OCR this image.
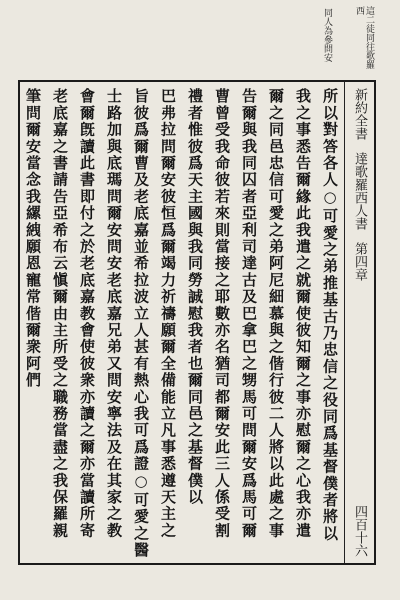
這二徒同往歌羅西
同人為參問安
新約全書達歌羅西人書第四章
四百十六
所以對答各人○可愛之弟推基古乃忠信之役同爲基督僕者將以
我之事悉告爾緣此我遣之就爾使彼知爾之事亦慰爾之心我亦遣
爾之同邑忠信可愛之弟阿尼細慕與之偕行彼二人將以此處之事
告爾與我同囚者亞利司達古及巴拿巴之甥馬可問爾安爲馬可爾
曹曾受我命彼若來則當接之耶數亦名猶司都爾安此三人係受割
禮者惟彼爲天主國與我同勞誠慰我者也爾同邑之基督僕以
巴弗拉問爾安彼恒爲爾竭力祈禱願爾全備能立凡事悉遵天主之
旨彼爲爾曹及老底嘉並希拉波立人甚有熱心我可爲證○可愛之醫
士路加與底瑪問爾安問安老底嘉兄弟又問安寧法及在其家之教
會爾旣讀此書即付之於老底嘉教會使彼衆亦讀之爾亦當讀所寄
老底嘉之書請告亞希布云愼爾由主所受之職務當盡之我保羅親
筆問爾安當念我縲絏願恩寵常偕爾衆阿們
